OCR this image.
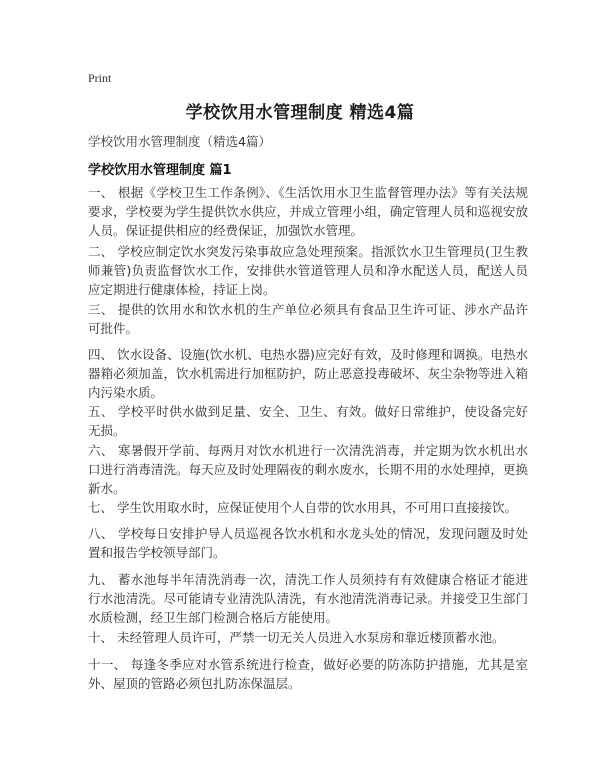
Print
学校饮用水管理制度 精选4篇
学校饮用水管理制度（精选4篇）
学校饮用水管理制度 篇1

一、 根据《学校卫生工作条例》、《生活饮用水卫生监督管理办法》等有关法规要求，学校要为学生提供饮水供应，并成立管理小组，确定管理人员和巡视安放人员。保证提供相应的经费保证，加强饮水管理。

二、 学校应制定饮水突发污染事故应急处理预案。指派饮水卫生管理员(卫生教师兼管)负责监督饮水工作，安排供水管道管理人员和净水配送人员，配送人员应定期进行健康体检，持证上岗。

三、 提供的饮用水和饮水机的生产单位必须具有食品卫生许可证、涉水产品许可批件。

四、 饮水设备、设施(饮水机、电热水器)应完好有效，及时修理和调换。电热水器箱必须加盖，饮水机需进行加框防护，防止恶意投毒破坏、灰尘杂物等进入箱内污染水质。

五、 学校平时供水做到足量、安全、卫生、有效。做好日常维护，使设备完好无损。

六、 寒暑假开学前、每两月对饮水机进行一次清洗消毒，并定期为饮水机出水口进行消毒清洗。每天应及时处理隔夜的剩水废水，长期不用的水处理掉，更换新水。

七、 学生饮用取水时，应保证使用个人自带的饮水用具，不可用口直接接饮。

八、 学校每日安排护导人员巡视各饮水机和水龙头处的情况，发现问题及时处置和报告学校领导部门。

九、 蓄水池每半年清洗消毒一次，清洗工作人员须持有有效健康合格证才能进行水池清洗。尽可能请专业清洗队清洗，有水池清洗消毒记录。并接受卫生部门水质检测，经卫生部门检测合格后方能使用。

十、 未经管理人员许可，严禁一切无关人员进入水泵房和靠近楼顶蓄水池。

十一、 每逢冬季应对水管系统进行检查，做好必要的防冻防护措施，尤其是室外、屋顶的管路必须包扎防冻保温层。
